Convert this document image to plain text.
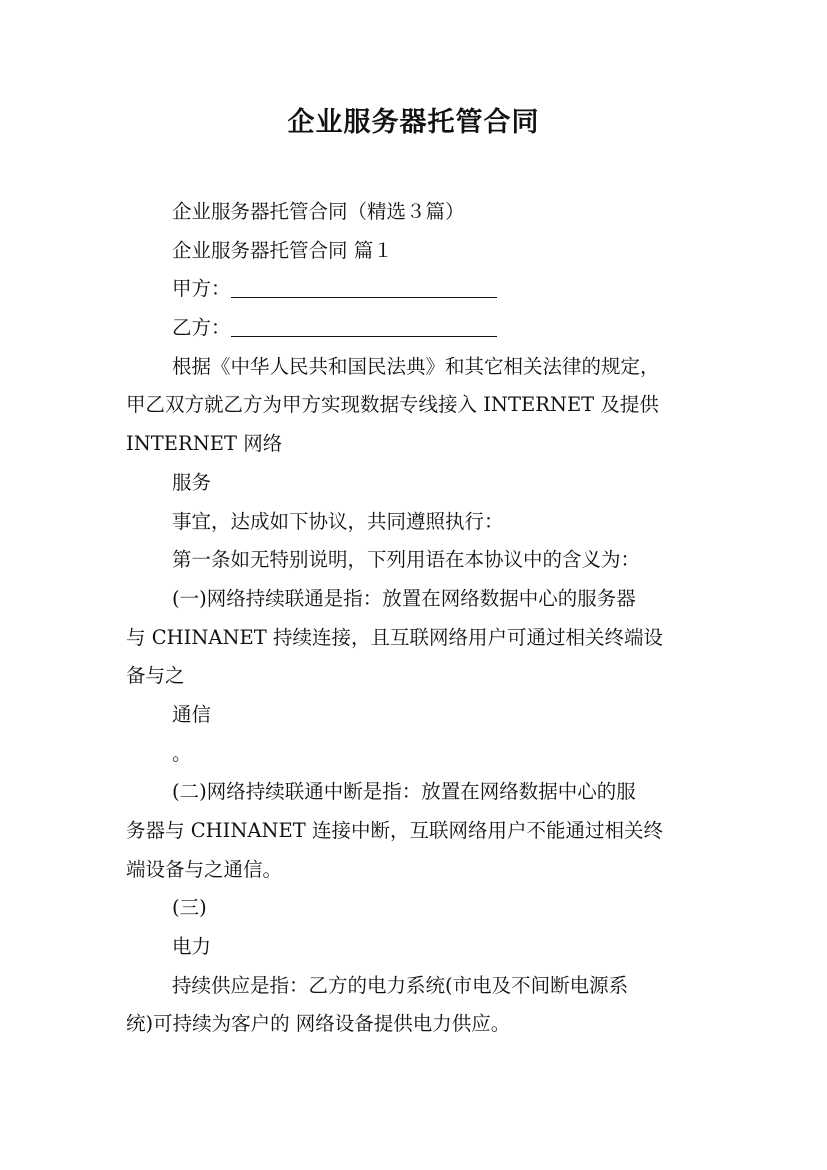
企业服务器托管合同
企业服务器托管合同（精选３篇）
企业服务器托管合同 篇１
甲方：
乙方：
根据《中华人民共和国民法典》和其它相关法律的规定，
甲乙双方就乙方为甲方实现数据专线接入 INTERNET 及提供
INTERNET 网络
服务
事宜，达成如下协议，共同遵照执行：
第一条如无特别说明，下列用语在本协议中的含义为：
(一)网络持续联通是指：放置在网络数据中心的服务器
与 CHINANET 持续连接，且互联网络用户可通过相关终端设
备与之
通信
。
(二)网络持续联通中断是指：放置在网络数据中心的服
务器与 CHINANET 连接中断，互联网络用户不能通过相关终
端设备与之通信。
(三)
电力
持续供应是指：乙方的电力系统(市电及不间断电源系
统)可持续为客户的 网络设备提供电力供应。
